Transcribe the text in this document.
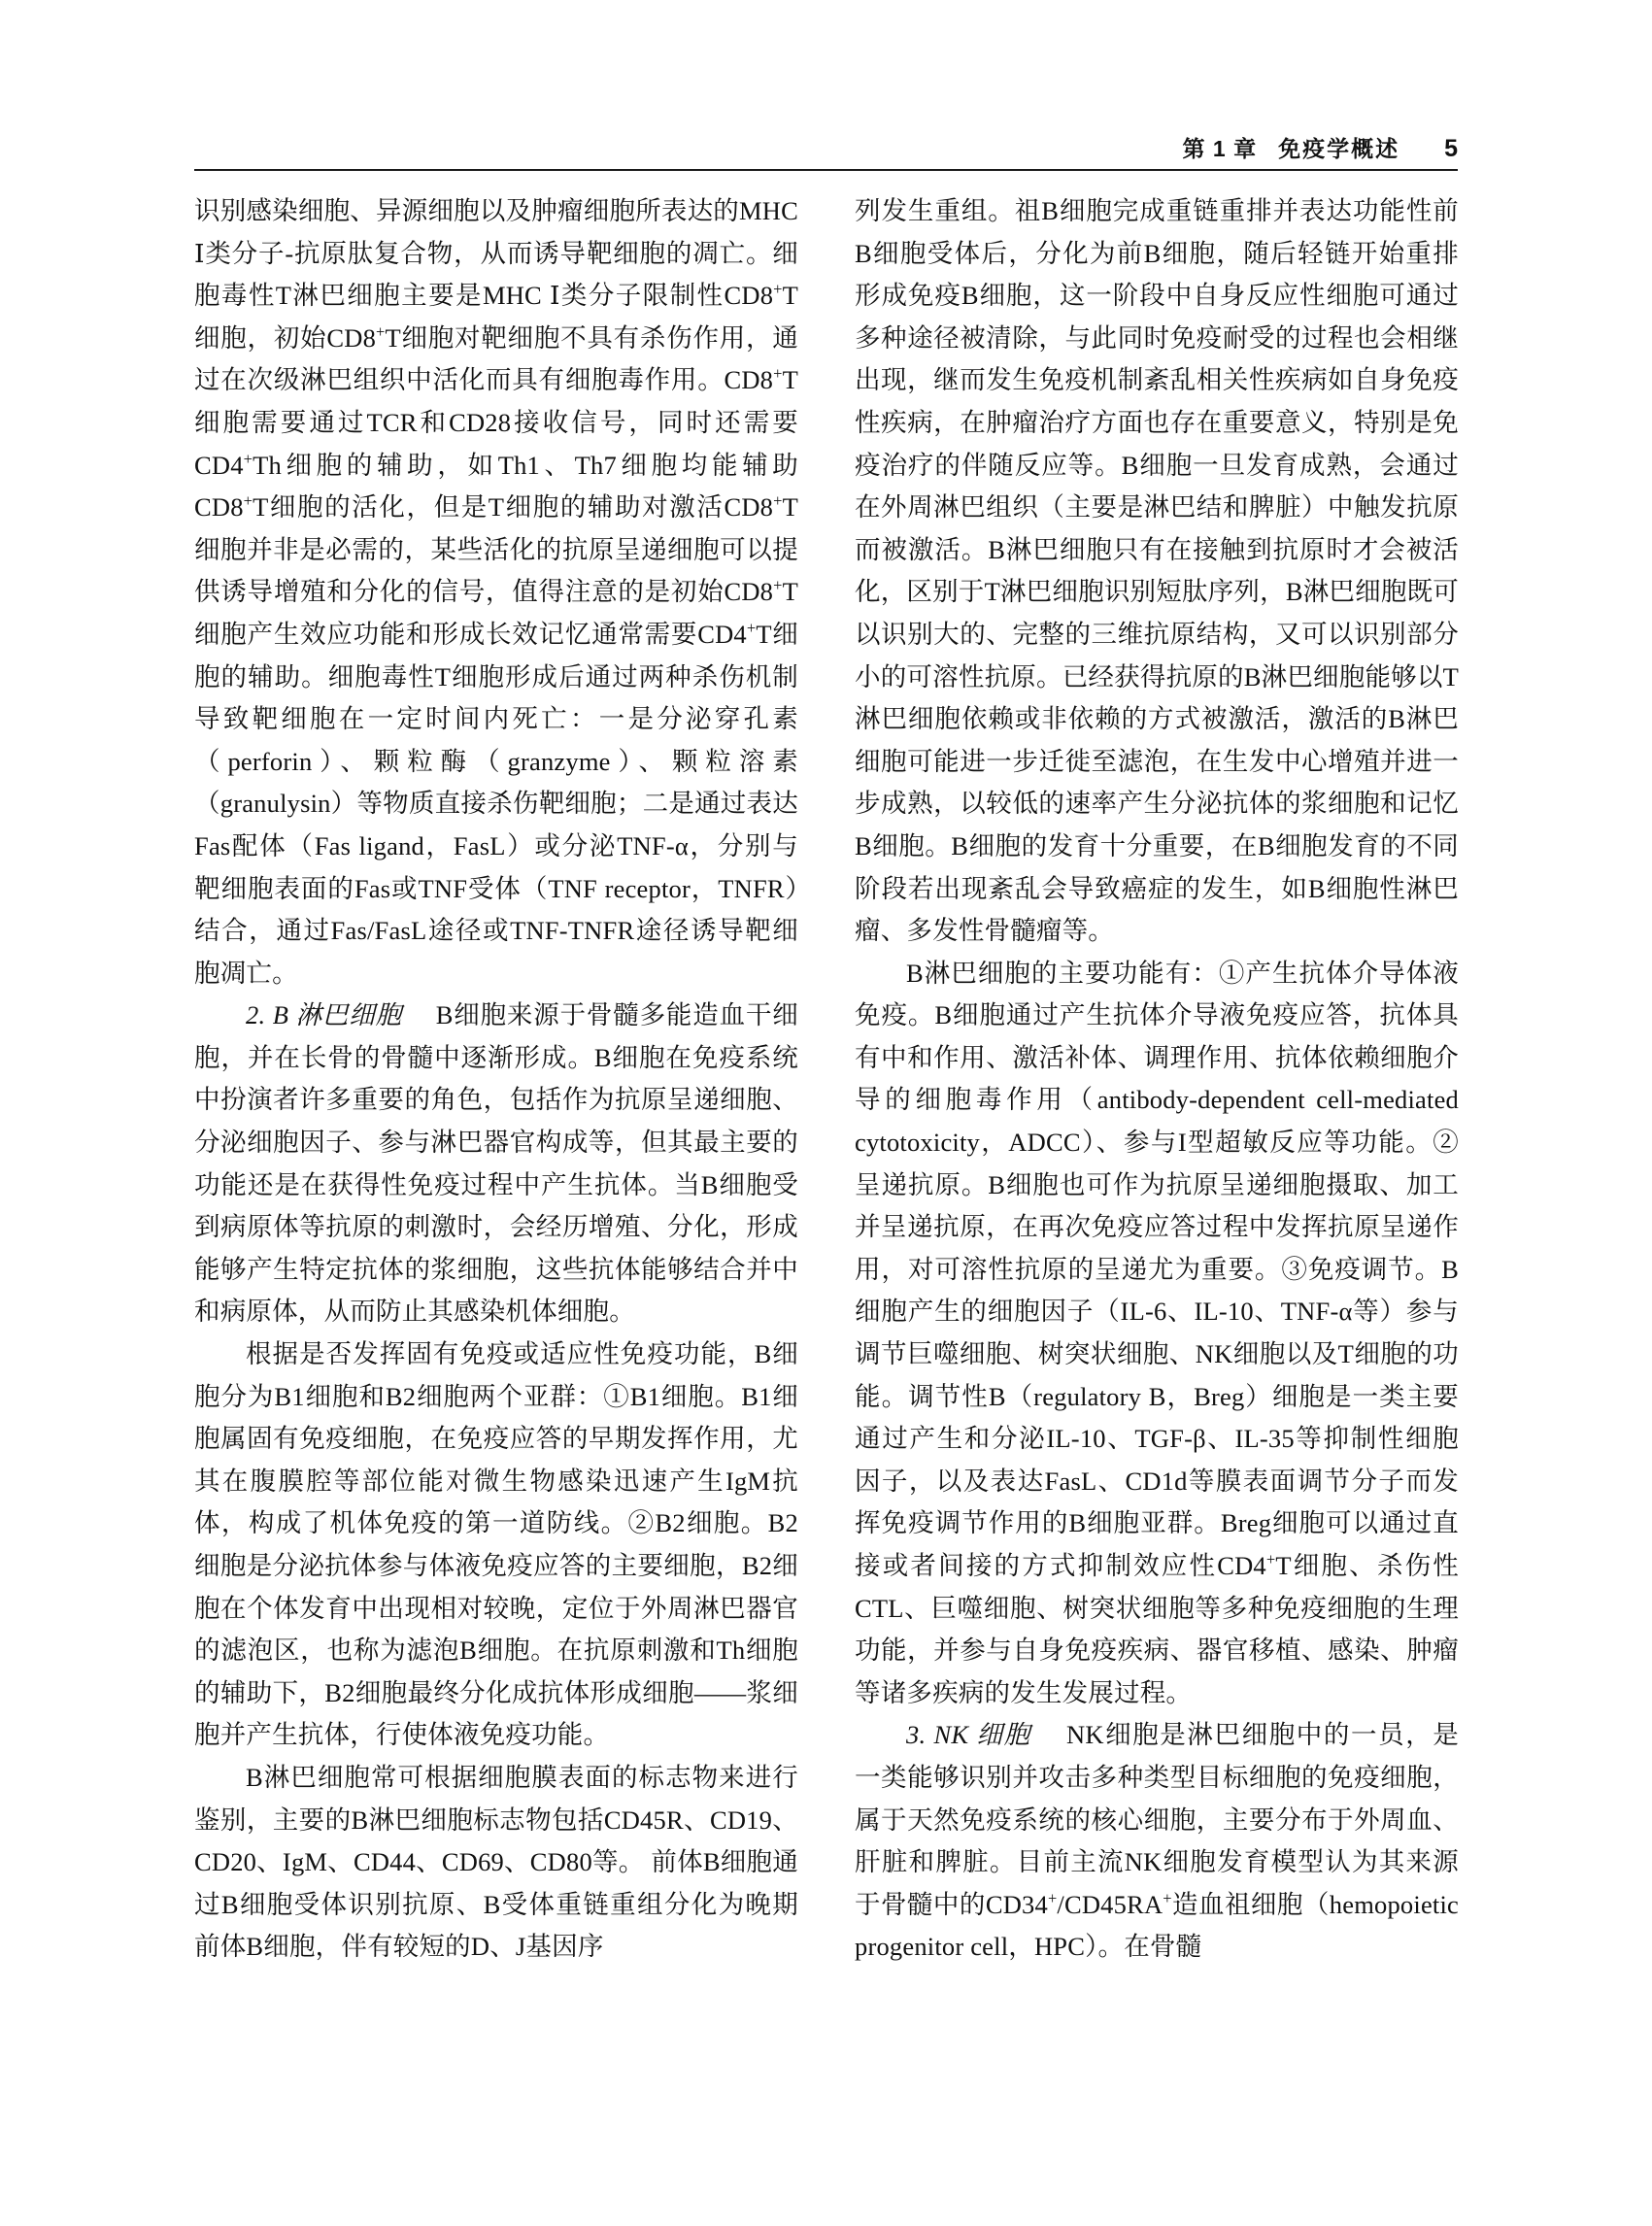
第 1 章 免疫学概述	5

识别感染细胞、异源细胞以及肿瘤细胞所表达的MHC Ⅰ类分子-抗原肽复合物，从而诱导靶细胞的凋亡。细胞毒性T淋巴细胞主要是MHC Ⅰ类分子限制性CD8+T细胞，初始CD8+T细胞对靶细胞不具有杀伤作用，通过在次级淋巴组织中活化而具有细胞毒作用。CD8+T细胞需要通过TCR和CD28接收信号，同时还需要CD4+Th细胞的辅助，如Th1、Th7细胞均能辅助CD8+T细胞的活化，但是T细胞的辅助对激活CD8+T细胞并非是必需的，某些活化的抗原呈递细胞可以提供诱导增殖和分化的信号，值得注意的是初始CD8+T细胞产生效应功能和形成长效记忆通常需要CD4+T细胞的辅助。细胞毒性T细胞形成后通过两种杀伤机制导致靶细胞在一定时间内死亡：一是分泌穿孔素（perforin）、颗粒酶（granzyme）、颗粒溶素（granulysin）等物质直接杀伤靶细胞；二是通过表达Fas配体（Fas ligand，FasL）或分泌TNF-α，分别与靶细胞表面的Fas或TNF受体（TNF receptor，TNFR）结合，通过Fas/FasL途径或TNF-TNFR途径诱导靶细胞凋亡。

2. B 淋巴细胞　 B细胞来源于骨髓多能造血干细胞，并在长骨的骨髓中逐渐形成。B细胞在免疫系统中扮演者许多重要的角色，包括作为抗原呈递细胞、分泌细胞因子、参与淋巴器官构成等，但其最主要的功能还是在获得性免疫过程中产生抗体。当B细胞受到病原体等抗原的刺激时，会经历增殖、分化，形成能够产生特定抗体的浆细胞，这些抗体能够结合并中和病原体，从而防止其感染机体细胞。

根据是否发挥固有免疫或适应性免疫功能，B细胞分为B1细胞和B2细胞两个亚群：①B1细胞。B1细胞属固有免疫细胞，在免疫应答的早期发挥作用，尤其在腹膜腔等部位能对微生物感染迅速产生IgM抗体，构成了机体免疫的第一道防线。②B2细胞。B2细胞是分泌抗体参与体液免疫应答的主要细胞，B2细胞在个体发育中出现相对较晚，定位于外周淋巴器官的滤泡区，也称为滤泡B细胞。在抗原刺激和Th细胞的辅助下，B2细胞最终分化成抗体形成细胞——浆细胞并产生抗体，行使体液免疫功能。

B淋巴细胞常可根据细胞膜表面的标志物来进行鉴别，主要的B淋巴细胞标志物包括CD45R、CD19、CD20、IgM、CD44、CD69、CD80等。 前体B细胞通过B细胞受体识别抗原、B受体重链重组分化为晚期前体B细胞，伴有较短的D、J基因序

列发生重组。祖B细胞完成重链重排并表达功能性前B细胞受体后，分化为前B细胞，随后轻链开始重排形成免疫B细胞，这一阶段中自身反应性细胞可通过多种途径被清除，与此同时免疫耐受的过程也会相继出现，继而发生免疫机制紊乱相关性疾病如自身免疫性疾病，在肿瘤治疗方面也存在重要意义，特别是免疫治疗的伴随反应等。B细胞一旦发育成熟，会通过在外周淋巴组织（主要是淋巴结和脾脏）中触发抗原而被激活。B淋巴细胞只有在接触到抗原时才会被活化，区别于T淋巴细胞识别短肽序列，B淋巴细胞既可以识别大的、完整的三维抗原结构，又可以识别部分小的可溶性抗原。已经获得抗原的B淋巴细胞能够以T淋巴细胞依赖或非依赖的方式被激活，激活的B淋巴细胞可能进一步迁徙至滤泡，在生发中心增殖并进一步成熟，以较低的速率产生分泌抗体的浆细胞和记忆B细胞。B细胞的发育十分重要，在B细胞发育的不同阶段若出现紊乱会导致癌症的发生，如B细胞性淋巴瘤、多发性骨髓瘤等。

B淋巴细胞的主要功能有：①产生抗体介导体液免疫。B细胞通过产生抗体介导液免疫应答，抗体具有中和作用、激活补体、调理作用、抗体依赖细胞介导的细胞毒作用（antibody-dependent cell-mediated cytotoxicity，ADCC）、参与I型超敏反应等功能。②呈递抗原。B细胞也可作为抗原呈递细胞摄取、加工并呈递抗原，在再次免疫应答过程中发挥抗原呈递作用，对可溶性抗原的呈递尤为重要。③免疫调节。B细胞产生的细胞因子（IL-6、IL-10、TNF-α等）参与调节巨噬细胞、树突状细胞、NK细胞以及T细胞的功能。调节性B（regulatory B，Breg）细胞是一类主要通过产生和分泌IL-10、TGF-β、IL-35等抑制性细胞因子，以及表达FasL、CD1d等膜表面调节分子而发挥免疫调节作用的B细胞亚群。Breg细胞可以通过直接或者间接的方式抑制效应性CD4+T细胞、杀伤性CTL、巨噬细胞、树突状细胞等多种免疫细胞的生理功能，并参与自身免疫疾病、器官移植、感染、肿瘤等诸多疾病的发生发展过程。

3. NK 细胞　 NK细胞是淋巴细胞中的一员，是一类能够识别并攻击多种类型目标细胞的免疫细胞，属于天然免疫系统的核心细胞，主要分布于外周血、肝脏和脾脏。目前主流NK细胞发育模型认为其来源于骨髓中的CD34+/CD45RA+造血祖细胞（hemopoietic progenitor cell，HPC）。在骨髓
